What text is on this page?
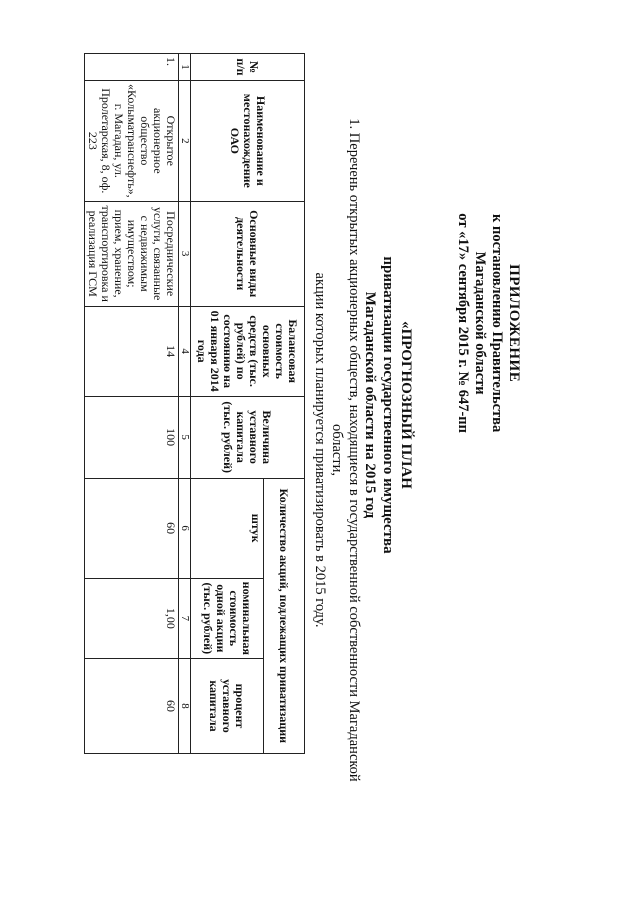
ПРИЛОЖЕНИЕ
к постановлению Правительства
Магаданской области
от «17» сентября 2015 г. № 647-пп
«ПРОГНОЗНЫЙ ПЛАН
приватизации государственного имущества Магаданской области на 2015 год
1. Перечень открытых акционерных обществ, находящиеся в государственной собственности Магаданской области,
акции которых планируется приватизировать в 2015 году.
№ п/п	Наименование и местонахождение ОАО	Основные виды деятельности	Балансовая стоимость основных средств (тыс. рублей) по состоянию на 01 января 2014 года	Величина уставного капитала (тыс. рублей)	Количество акций, подлежащих приватизации		
					штук	номинальная стоимость одной акции (тыс. рублей)	процент уставного капитала
1	2	3	4	5	6	7	8
1.	Открытое акционерное общество «Колыматранснефть», г. Магадан, ул. Пролетарская, 8, оф. 223	Посреднические услуги, связанные с недвижимым имуществом; прием, хранение, транспортировка и реализация ГСМ	14	100	60	1,00	60
